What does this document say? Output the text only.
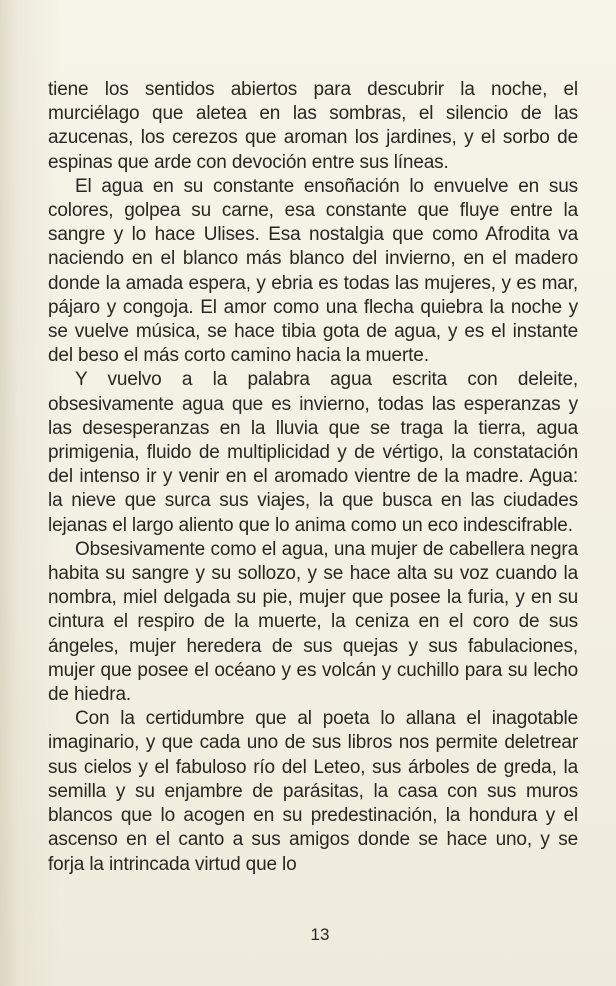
tiene los sentidos abiertos para descubrir la noche, el murciélago que aletea en las sombras, el silencio de las azucenas, los cerezos que aroman los jardines, y el sorbo de espinas que arde con devoción entre sus líneas.

El agua en su constante ensoñación lo envuelve en sus colores, golpea su carne, esa constante que fluye entre la sangre y lo hace Ulises. Esa nostalgia que como Afrodita va naciendo en el blanco más blanco del invierno, en el madero donde la amada espera, y ebria es todas las mujeres, y es mar, pájaro y congoja. El amor como una flecha quiebra la noche y se vuelve música, se hace tibia gota de agua, y es el instante del beso el más corto camino hacia la muerte.

Y vuelvo a la palabra agua escrita con deleite, obsesivamente agua que es invierno, todas las esperanzas y las desesperanzas en la lluvia que se traga la tierra, agua primigenia, fluido de multiplicidad y de vértigo, la constatación del intenso ir y venir en el aromado vientre de la madre. Agua: la nieve que surca sus viajes, la que busca en las ciudades lejanas el largo aliento que lo anima como un eco indescifrable.

Obsesivamente como el agua, una mujer de cabellera negra habita su sangre y su sollozo, y se hace alta su voz cuando la nombra, miel delgada su pie, mujer que posee la furia, y en su cintura el respiro de la muerte, la ceniza en el coro de sus ángeles, mujer heredera de sus quejas y sus fabulaciones, mujer que posee el océano y es volcán y cuchillo para su lecho de hiedra.

Con la certidumbre que al poeta lo allana el inagotable imaginario, y que cada uno de sus libros nos permite deletrear sus cielos y el fabuloso río del Leteo, sus árboles de greda, la semilla y su enjambre de parásitas, la casa con sus muros blancos que lo acogen en su predestinación, la hondura y el ascenso en el canto a sus amigos donde se hace uno, y se forja la intrincada virtud que lo

13
